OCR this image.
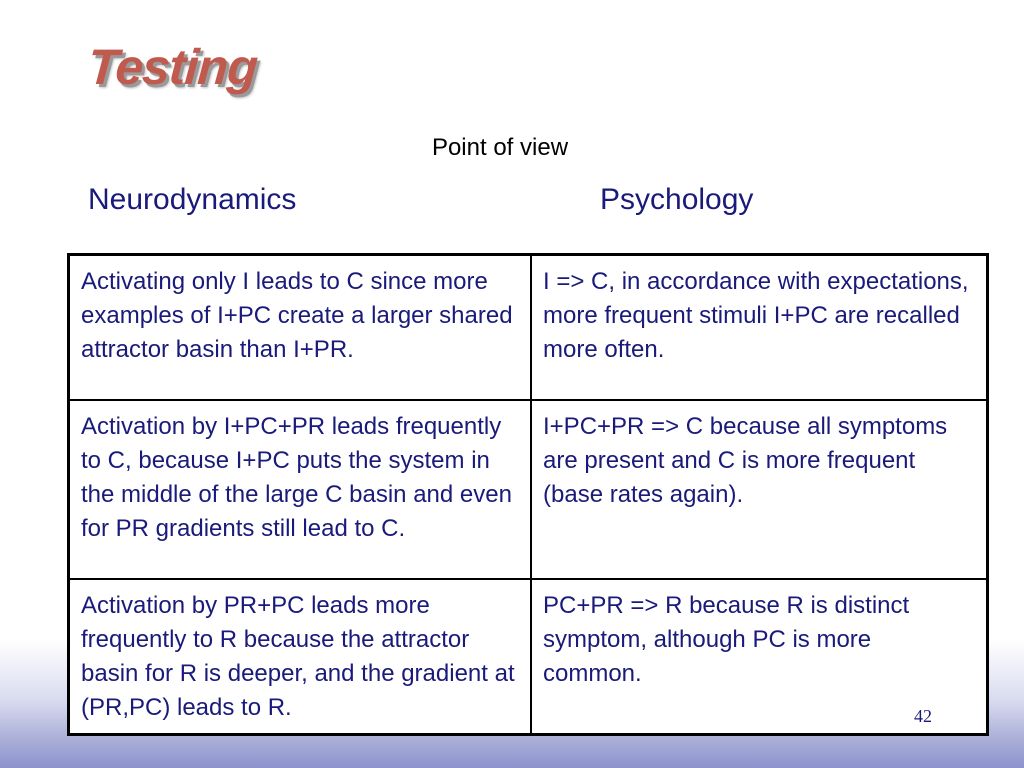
Testing
Point of view
Neurodynamics	Psychology
Activating only I leads to C since more examples of I+PC create a larger shared attractor basin than I+PR.	I => C, in accordance with expectations, more frequent stimuli I+PC are recalled more often.
Activation by I+PC+PR leads frequently to C, because I+PC puts the system in the middle of the large C basin and even for PR gradients still lead to C.	I+PC+PR => C because all symptoms are present and C is more frequent (base rates again).
Activation by PR+PC leads more frequently to R because the attractor basin for R is deeper, and the gradient at (PR,PC) leads to R.	PC+PR => R because R is distinct symptom, although PC is more common.
42
